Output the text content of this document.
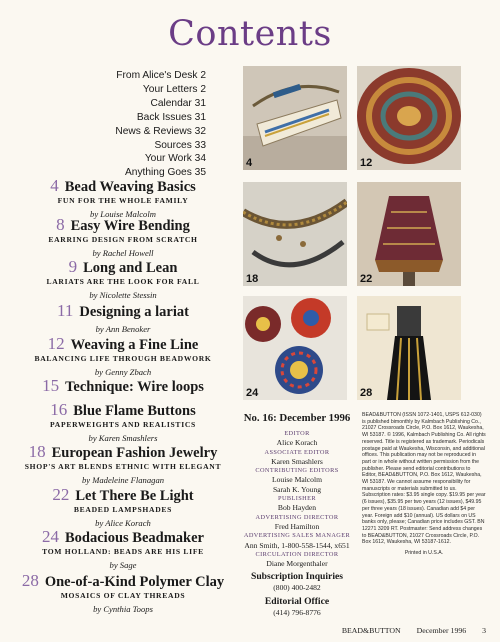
Contents
From Alice's Desk 2
Your Letters 2
Calendar 31
Back Issues 31
News & Reviews 32
Sources 33
Your Work 34
Anything Goes 35
4 Bead Weaving Basics
FUN FOR THE WHOLE FAMILY
by Louise Malcolm
8 Easy Wire Bending
EARRING DESIGN FROM SCRATCH
by Rachel Howell
9 Long and Lean
LARIATS ARE THE LOOK FOR FALL
by Nicolette Stessin
11 Designing a lariat
by Ann Benoker
12 Weaving a Fine Line
BALANCING LIFE THROUGH BEADWORK
by Genny Zbach
15 Technique: Wire loops
16 Blue Flame Buttons
PAPERWEIGHTS AND REALISTICS
by Karen Smashlers
18 European Fashion Jewelry
SHOP'S ART BLENDS ETHNIC WITH ELEGANT
by Madeleine Flanagan
22 Let There Be Light
BEADED LAMPSHADES
by Alice Korach
24 Bodacious Beadmaker
TOM HOLLAND: BEADS ARE HIS LIFE
by Sage
28 One-of-a-Kind Polymer Clay
MOSAICS OF CLAY THREADS
by Cynthia Toops
4	12
18	22
24	28
No. 16: December 1996
EDITOR
Alice Korach
ASSOCIATE EDITOR
Karen Smashlers
CONTRIBUTING EDITORS
Louise Malcolm
Sarah K. Young
PUBLISHER
Bob Hayden
ADVERTISING DIRECTOR
Fred Hamilton
ADVERTISING SALES MANAGER
Ann Smith, 1-800-558-1544, x651
CIRCULATION DIRECTOR
Diane Morgenthaler
Subscription Inquiries
(800) 400-2482
Editorial Office
(414) 796-8776
BEAD&BUTTON (ISSN 1072-1401, USPS 612-030) is published bimonthly by Kalmbach Publishing Co., 21027 Crossroads Circle, P.O. Box 1612, Waukesha, WI 53187. © 1996, Kalmbach Publishing Co. All rights reserved. Title is registered as trademark. Periodicals postage paid at Waukesha, Wisconsin, and additional offices. This publication may not be reproduced in part or in whole without written permission from the publisher. Please send editorial contributions to Editor, BEAD&BUTTON, P.O. Box 1612, Waukesha, WI 53187. We cannot assume responsibility for manuscripts or materials submitted to us. Subscription rates: $3.95 single copy. $19.95 per year (6 issues), $35.95 per two years (12 issues), $49.95 per three years (18 issues). Canadian add $4 per year. Foreign add $10 (annual). US dollars on US banks only, please; Canadian price includes GST. BN 12271 3209 RT. Postmaster: Send address changes to BEAD&BUTTON, 21027 Crossroads Circle, P.O. Box 1612, Waukesha, WI 53187-1612.
Printed in U.S.A.
BEAD&BUTTON December 1996 3
